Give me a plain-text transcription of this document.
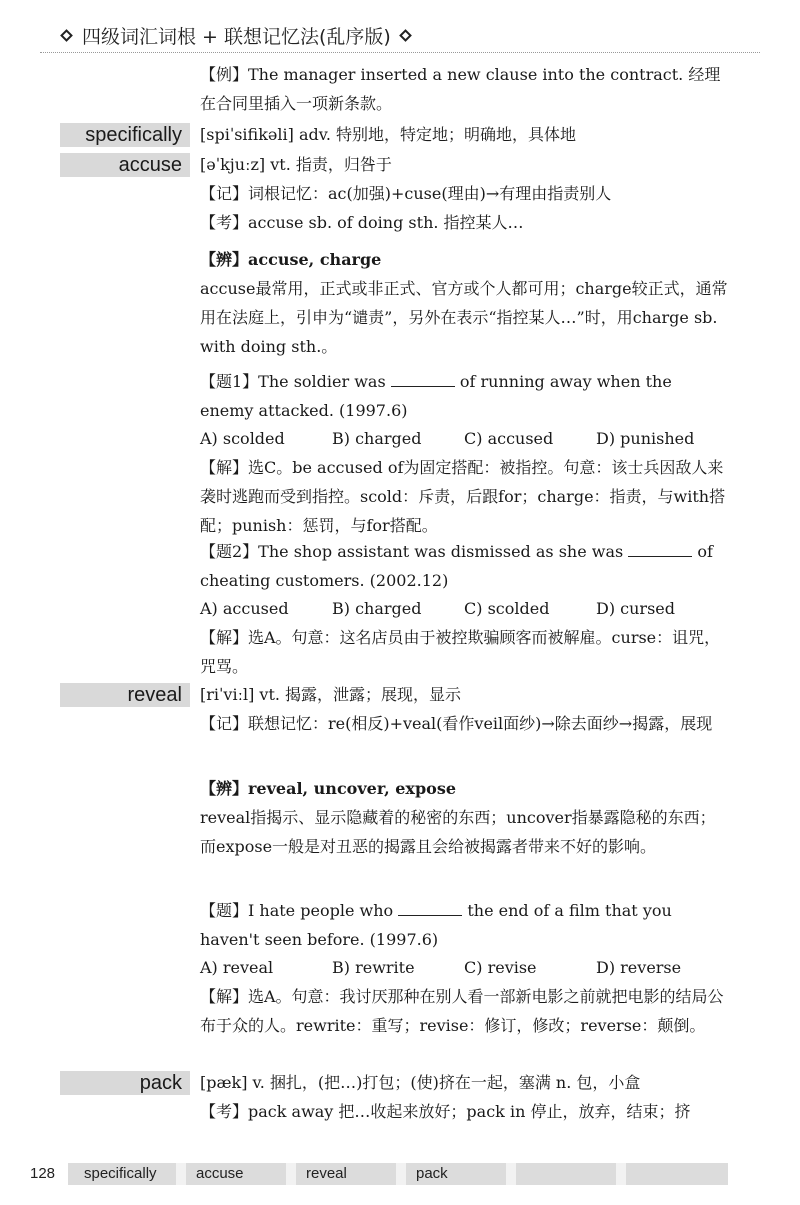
四级词汇词根 + 联想记忆法(乱序版)
【例】The manager inserted a new clause into the contract. 经理在合同里插入一项新条款。
specifically	[spiˈsifikəli] adv. 特别地，特定地；明确地，具体地
accuse	[əˈkjuːz] vt. 指责，归咎于
【记】词根记忆：ac(加强)+cuse(理由)→有理由指责别人
【考】accuse sb. of doing sth. 指控某人…
【辨】accuse, charge
accuse最常用，正式或非正式、官方或个人都可用；charge较正式，通常用在法庭上，引申为“谴责”，另外在表示“指控某人…”时，用charge sb. with doing sth.。
【题1】The soldier was	of running away when the enemy attacked. (1997.6)
A) scolded	B) charged	C) accused	D) punished
【解】选C。be accused of为固定搭配：被指控。句意：该士兵因敌人来袭时逃跑而受到指控。scold：斥责，后跟for；charge：指责，与with搭配；punish：惩罚，与for搭配。
【题2】The shop assistant was dismissed as she was	of cheating customers. (2002.12)
A) accused	B) charged	C) scolded	D) cursed
【解】选A。句意：这名店员由于被控欺骗顾客而被解雇。curse：诅咒，咒骂。
reveal	[riˈviːl] vt. 揭露，泄露；展现，显示
【记】联想记忆：re(相反)+veal(看作veil面纱)→除去面纱→揭露，展现
【辨】reveal, uncover, expose
reveal指揭示、显示隐藏着的秘密的东西；uncover指暴露隐秘的东西；而expose一般是对丑恶的揭露且会给被揭露者带来不好的影响。
【题】I hate people who	the end of a film that you haven't seen before. (1997.6)
A) reveal	B) rewrite	C) revise	D) reverse
【解】选A。句意：我讨厌那种在别人看一部新电影之前就把电影的结局公布于众的人。rewrite：重写；revise：修订，修改；reverse：颠倒。
pack	[pæk] v. 捆扎，(把…)打包；(使)挤在一起，塞满 n. 包，小盒
【考】pack away 把…收起来放好；pack in 停止，放弃，结束；挤
128 specifically	accuse	reveal	pack
